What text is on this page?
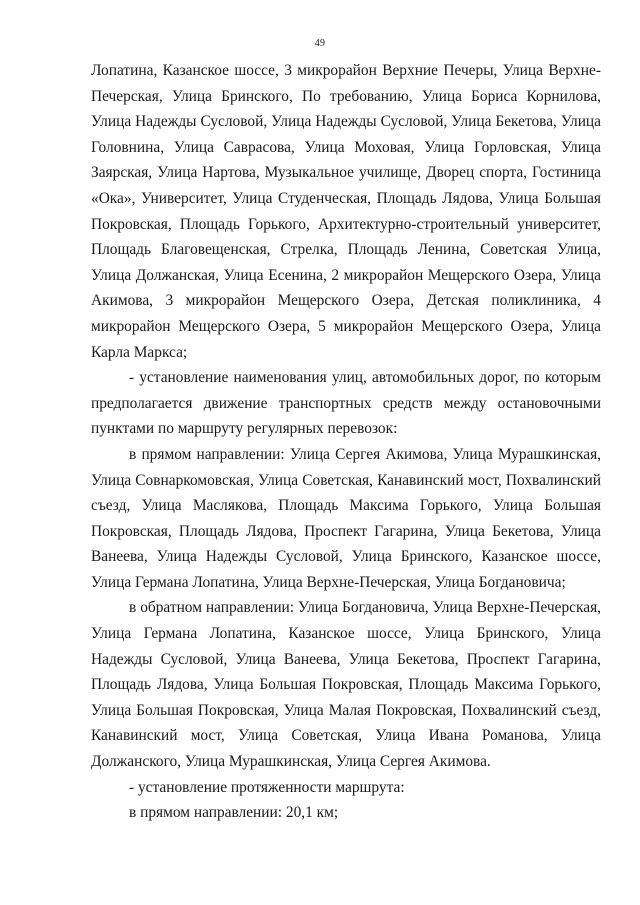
49

Лопатина, Казанское шоссе, 3 микрорайон Верхние Печеры, Улица Верхне-Печерская, Улица Бринского, По требованию, Улица Бориса Корнилова, Улица Надежды Сусловой, Улица Надежды Сусловой, Улица Бекетова, Улица Головнина, Улица Саврасова, Улица Моховая, Улица Горловская, Улица Заярская, Улица Нартова, Музыкальное училище, Дворец спорта, Гостиница «Ока», Университет, Улица Студенческая, Площадь Лядова, Улица Большая Покровская, Площадь Горького, Архитектурно-строительный университет, Площадь Благовещенская, Стрелка, Площадь Ленина, Советская Улица, Улица Должанская, Улица Есенина, 2 микрорайон Мещерского Озера, Улица Акимова, 3 микрорайон Мещерского Озера, Детская поликлиника, 4 микрорайон Мещерского Озера, 5 микрорайон Мещерского Озера, Улица Карла Маркса;

- установление наименования улиц, автомобильных дорог, по которым предполагается движение транспортных средств между остановочными пунктами по маршруту регулярных перевозок:

в прямом направлении: Улица Сергея Акимова, Улица Мурашкинская, Улица Совнаркомовская, Улица Советская, Канавинский мост, Похвалинский съезд, Улица Маслякова, Площадь Максима Горького, Улица Большая Покровская, Площадь Лядова, Проспект Гагарина, Улица Бекетова, Улица Ванеева, Улица Надежды Сусловой, Улица Бринского, Казанское шоссе, Улица Германа Лопатина, Улица Верхне-Печерская, Улица Богдановича;

в обратном направлении: Улица Богдановича, Улица Верхне-Печерская, Улица Германа Лопатина, Казанское шоссе, Улица Бринского, Улица Надежды Сусловой, Улица Ванеева, Улица Бекетова, Проспект Гагарина, Площадь Лядова, Улица Большая Покровская, Площадь Максима Горького, Улица Большая Покровская, Улица Малая Покровская, Похвалинский съезд, Канавинский мост, Улица Советская, Улица Ивана Романова, Улица Должанского, Улица Мурашкинская, Улица Сергея Акимова.

- установление протяженности маршрута:

в прямом направлении: 20,1 км;
